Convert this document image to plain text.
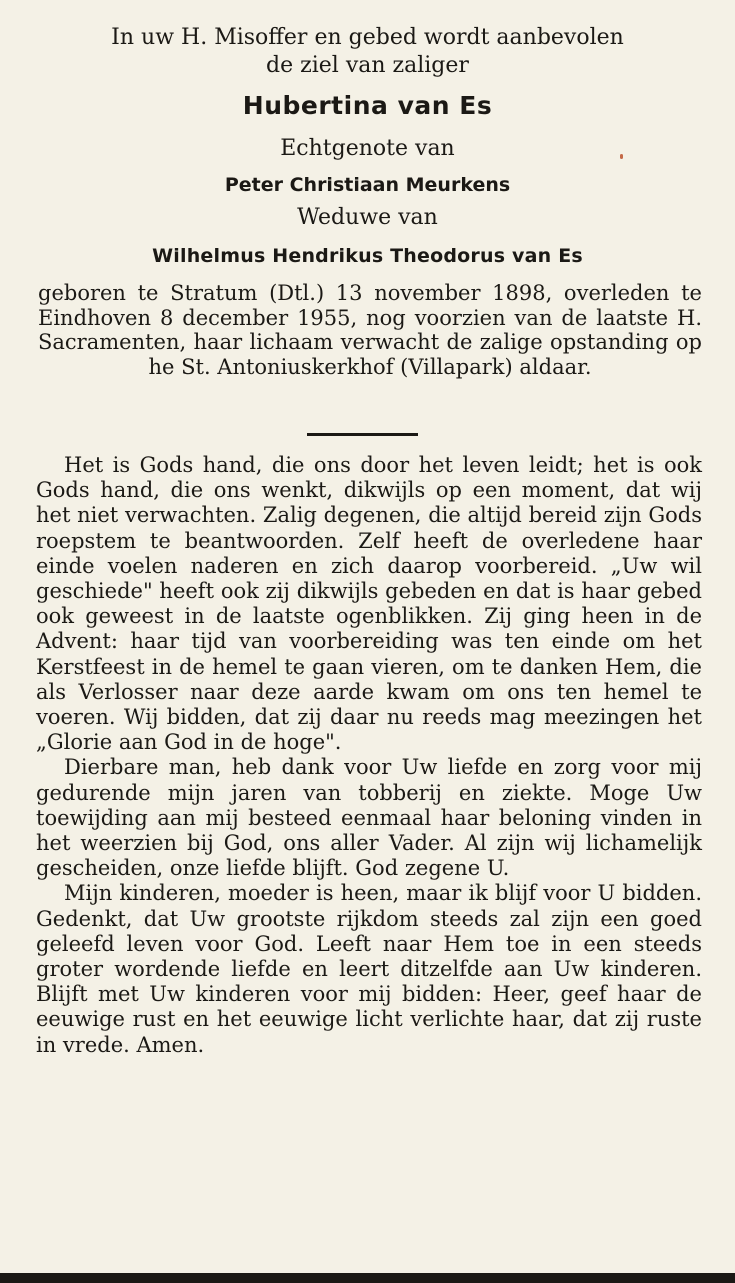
In uw H. Misoffer en gebed wordt aanbevolen
de ziel van zaliger
Hubertina van Es
Echtgenote van
Peter Christiaan Meurkens
Weduwe van
Wilhelmus Hendrikus Theodorus van Es
geboren te Stratum (Dtl.) 13 november 1898, overleden te Eindhoven 8 december 1955, nog voorzien van de laatste H. Sacramenten, haar lichaam verwacht de zalige opstanding op he St. Antoniuskerkhof (Villapark) aldaar.

Het is Gods hand, die ons door het leven leidt; het is ook Gods hand, die ons wenkt, dikwijls op een moment, dat wij het niet verwachten. Zalig degenen, die altijd bereid zijn Gods roepstem te beantwoorden. Zelf heeft de overledene haar einde voelen naderen en zich daarop voorbereid. „Uw wil geschiede" heeft ook zij dikwijls gebeden en dat is haar gebed ook geweest in de laatste ogenblikken. Zij ging heen in de Advent: haar tijd van voorbereiding was ten einde om het Kerstfeest in de hemel te gaan vieren, om te danken Hem, die als Verlosser naar deze aarde kwam om ons ten hemel te voeren. Wij bidden, dat zij daar nu reeds mag meezingen het „Glorie aan God in de hoge".

Dierbare man, heb dank voor Uw liefde en zorg voor mij gedurende mijn jaren van tobberij en ziekte. Moge Uw toewijding aan mij besteed eenmaal haar beloning vinden in het weerzien bij God, ons aller Vader. Al zijn wij lichamelijk gescheiden, onze liefde blijft. God zegene U.

Mijn kinderen, moeder is heen, maar ik blijf voor U bidden. Gedenkt, dat Uw grootste rijkdom steeds zal zijn een goed geleefd leven voor God. Leeft naar Hem toe in een steeds groter wordende liefde en leert ditzelfde aan Uw kinderen. Blijft met Uw kinderen voor mij bidden: Heer, geef haar de eeuwige rust en het eeuwige licht verlichte haar, dat zij ruste in vrede. Amen.
